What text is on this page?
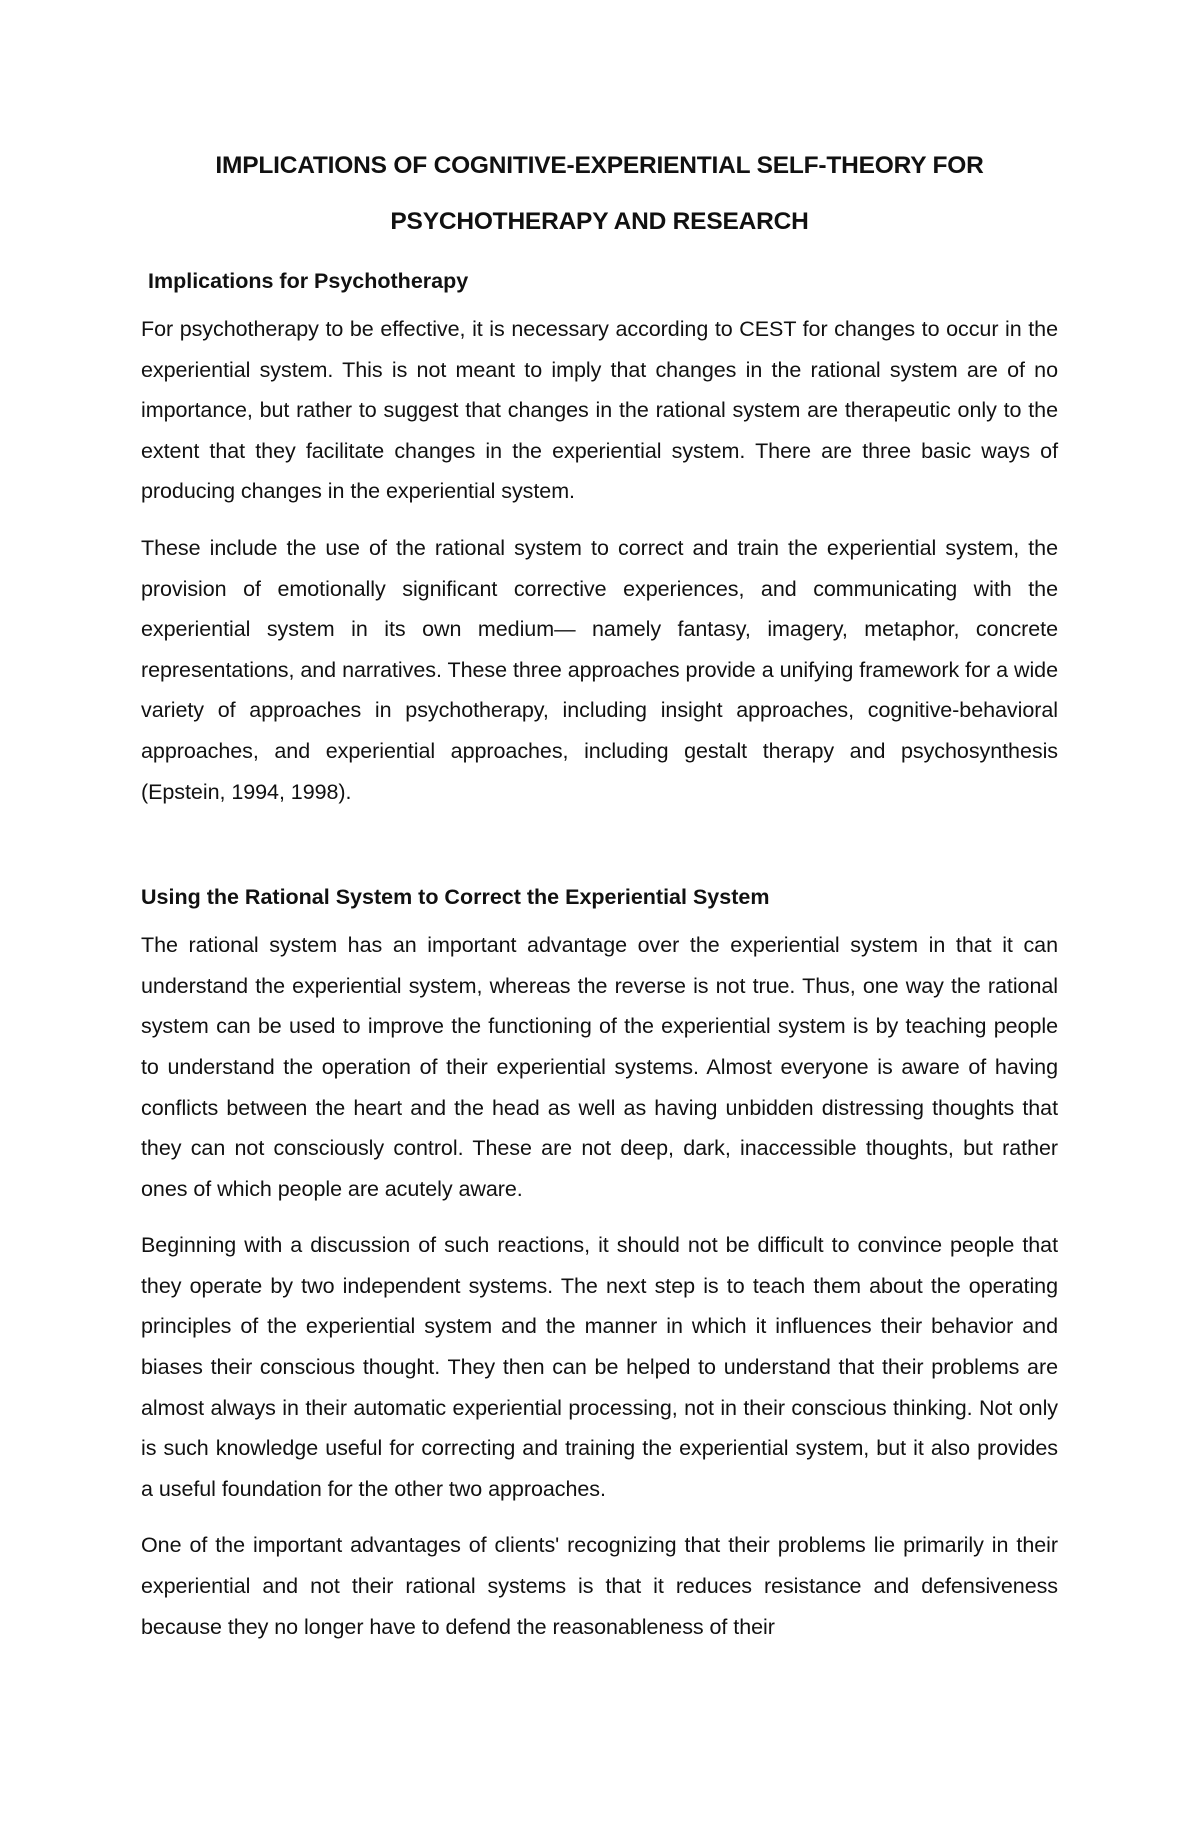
IMPLICATIONS OF COGNITIVE-EXPERIENTIAL SELF-THEORY FOR
PSYCHOTHERAPY AND RESEARCH
Implications for Psychotherapy

For psychotherapy to be effective, it is necessary according to CEST for changes to occur in the experiential system. This is not meant to imply that changes in the rational system are of no importance, but rather to suggest that changes in the rational system are therapeutic only to the extent that they facilitate changes in the experiential system. There are three basic ways of producing changes in the experiential system.

These include the use of the rational system to correct and train the experiential system, the provision of emotionally significant corrective experiences, and communicating with the experiential system in its own medium— namely fantasy, imagery, metaphor, concrete representations, and narratives. These three approaches provide a unifying framework for a wide variety of approaches in psychotherapy, including insight approaches, cognitive-behavioral approaches, and experiential approaches, including gestalt therapy and psychosynthesis (Epstein, 1994, 1998).

Using the Rational System to Correct the Experiential System

The rational system has an important advantage over the experiential system in that it can understand the experiential system, whereas the reverse is not true. Thus, one way the rational system can be used to improve the functioning of the experiential system is by teaching people to understand the operation of their experiential systems. Almost everyone is aware of having conflicts between the heart and the head as well as having unbidden distressing thoughts that they can not consciously control. These are not deep, dark, inaccessible thoughts, but rather ones of which people are acutely aware.

Beginning with a discussion of such reactions, it should not be difficult to convince people that they operate by two independent systems. The next step is to teach them about the operating principles of the experiential system and the manner in which it influences their behavior and biases their conscious thought. They then can be helped to understand that their problems are almost always in their automatic experiential processing, not in their conscious thinking. Not only is such knowledge useful for correcting and training the experiential system, but it also provides a useful foundation for the other two approaches.

One of the important advantages of clients' recognizing that their problems lie primarily in their experiential and not their rational systems is that it reduces resistance and defensiveness because they no longer have to defend the reasonableness of their
